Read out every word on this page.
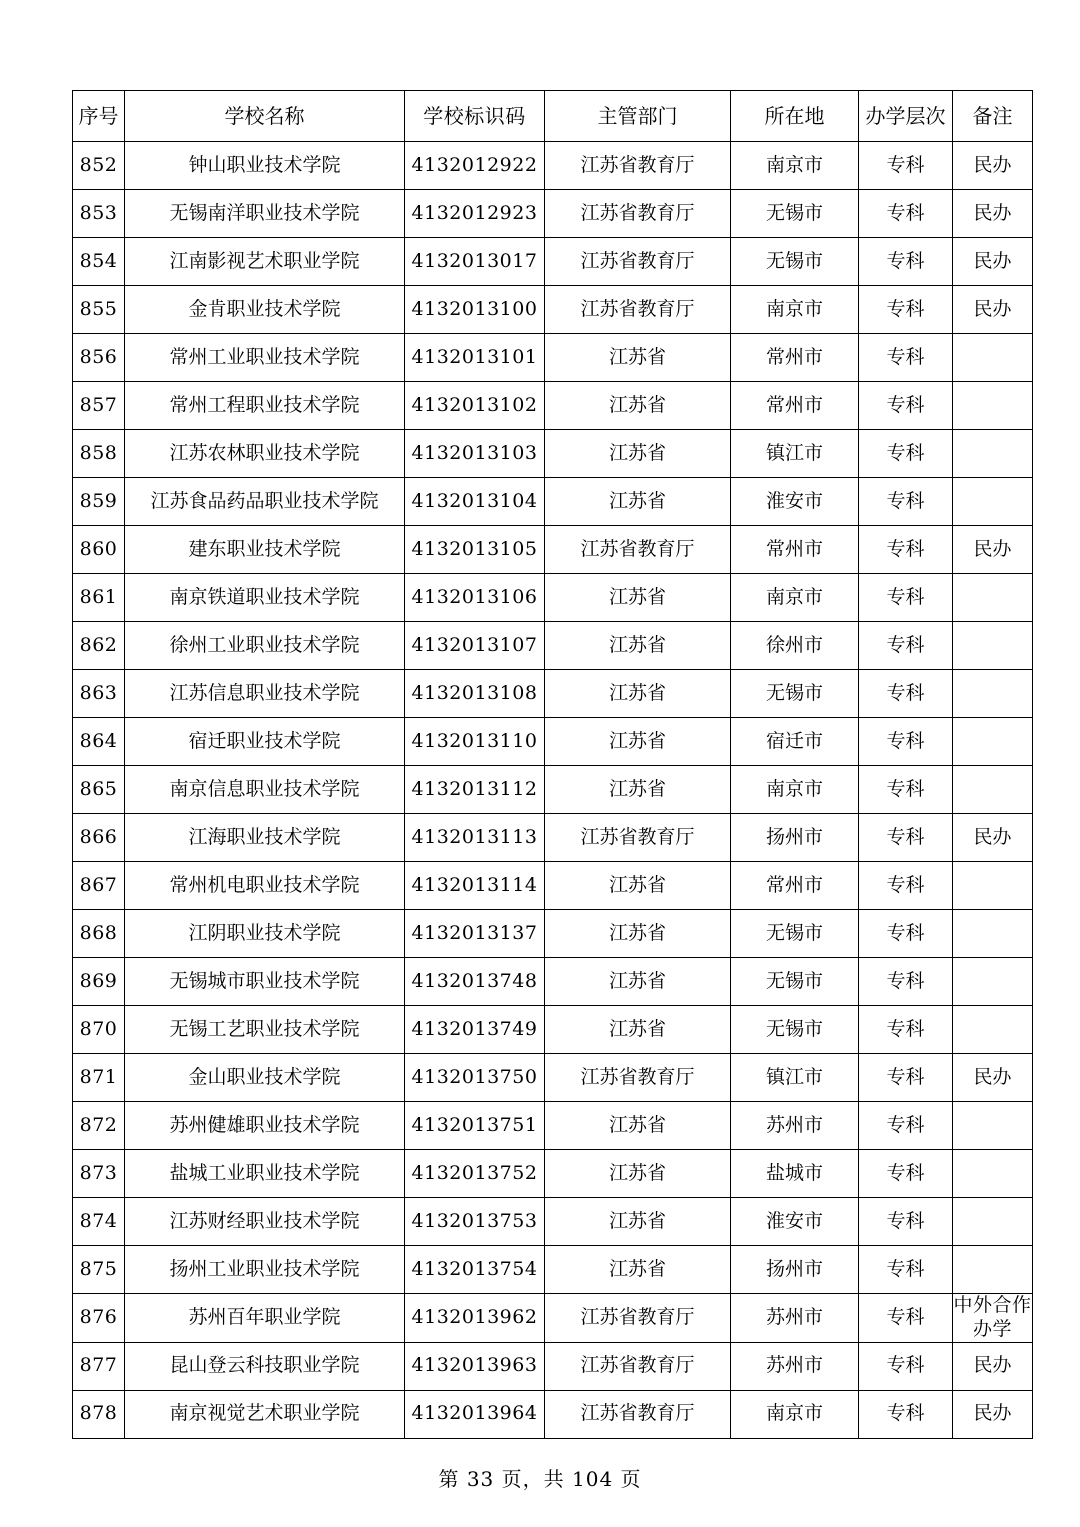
序号	学校名称	学校标识码	主管部门	所在地	办学层次	备注
852	钟山职业技术学院	4132012922	江苏省教育厅	南京市	专科	民办
853	无锡南洋职业技术学院	4132012923	江苏省教育厅	无锡市	专科	民办
854	江南影视艺术职业学院	4132013017	江苏省教育厅	无锡市	专科	民办
855	金肯职业技术学院	4132013100	江苏省教育厅	南京市	专科	民办
856	常州工业职业技术学院	4132013101	江苏省	常州市	专科	
857	常州工程职业技术学院	4132013102	江苏省	常州市	专科	
858	江苏农林职业技术学院	4132013103	江苏省	镇江市	专科	
859	江苏食品药品职业技术学院	4132013104	江苏省	淮安市	专科	
860	建东职业技术学院	4132013105	江苏省教育厅	常州市	专科	民办
861	南京铁道职业技术学院	4132013106	江苏省	南京市	专科	
862	徐州工业职业技术学院	4132013107	江苏省	徐州市	专科	
863	江苏信息职业技术学院	4132013108	江苏省	无锡市	专科	
864	宿迁职业技术学院	4132013110	江苏省	宿迁市	专科	
865	南京信息职业技术学院	4132013112	江苏省	南京市	专科	
866	江海职业技术学院	4132013113	江苏省教育厅	扬州市	专科	民办
867	常州机电职业技术学院	4132013114	江苏省	常州市	专科	
868	江阴职业技术学院	4132013137	江苏省	无锡市	专科	
869	无锡城市职业技术学院	4132013748	江苏省	无锡市	专科	
870	无锡工艺职业技术学院	4132013749	江苏省	无锡市	专科	
871	金山职业技术学院	4132013750	江苏省教育厅	镇江市	专科	民办
872	苏州健雄职业技术学院	4132013751	江苏省	苏州市	专科	
873	盐城工业职业技术学院	4132013752	江苏省	盐城市	专科	
874	江苏财经职业技术学院	4132013753	江苏省	淮安市	专科	
875	扬州工业职业技术学院	4132013754	江苏省	扬州市	专科	
876	苏州百年职业学院	4132013962	江苏省教育厅	苏州市	专科	中外合作办学
877	昆山登云科技职业学院	4132013963	江苏省教育厅	苏州市	专科	民办
878	南京视觉艺术职业学院	4132013964	江苏省教育厅	南京市	专科	民办
第 33 页，共 104 页
